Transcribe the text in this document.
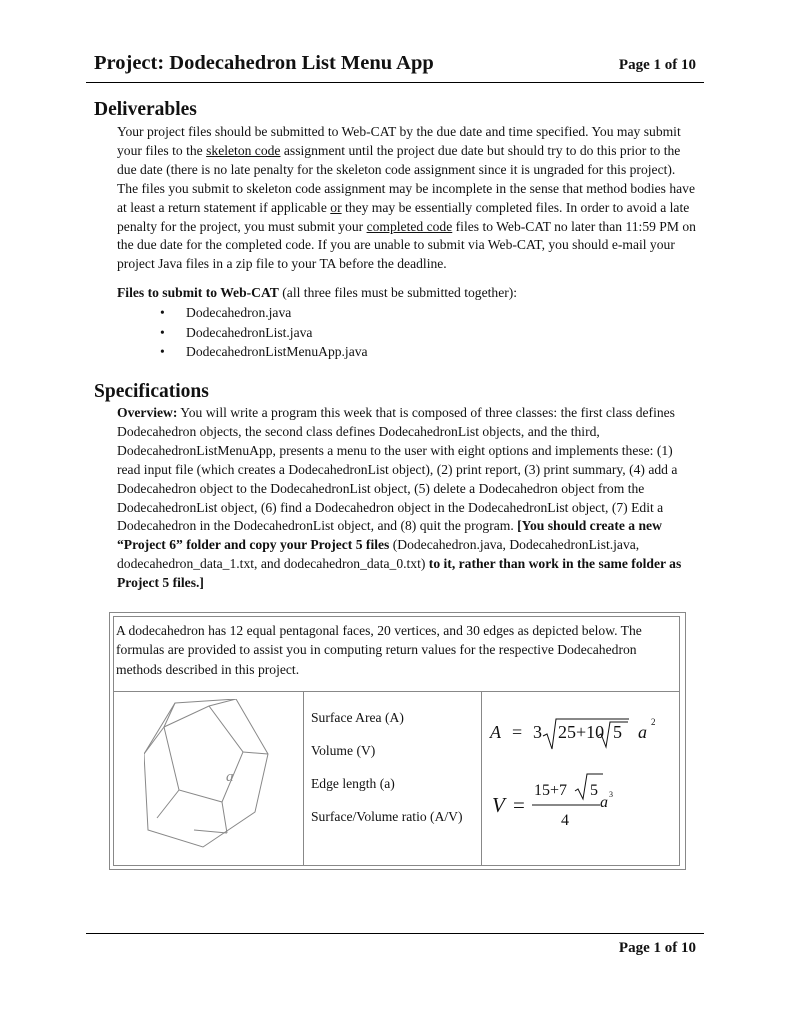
Project: Dodecahedron List Menu App	Page 1 of 10
Deliverables

Your project files should be submitted to Web-CAT by the due date and time specified. You may submit your files to the skeleton code assignment until the project due date but should try to do this prior to the due date (there is no late penalty for the skeleton code assignment since it is ungraded for this project). The files you submit to skeleton code assignment may be incomplete in the sense that method bodies have at least a return statement if applicable or they may be essentially completed files. In order to avoid a late penalty for the project, you must submit your completed code files to Web-CAT no later than 11:59 PM on the due date for the completed code. If you are unable to submit via Web-CAT, you should e-mail your project Java files in a zip file to your TA before the deadline.

Files to submit to Web-CAT (all three files must be submitted together):
• Dodecahedron.java
• DodecahedronList.java
• DodecahedronListMenuApp.java
Specifications

Overview: You will write a program this week that is composed of three classes: the first class defines Dodecahedron objects, the second class defines DodecahedronList objects, and the third, DodecahedronListMenuApp, presents a menu to the user with eight options and implements these: (1) read input file (which creates a DodecahedronList object), (2) print report, (3) print summary, (4) add a Dodecahedron object to the DodecahedronList object, (5) delete a Dodecahedron object from the DodecahedronList object, (6) find a Dodecahedron object in the DodecahedronList object, (7) Edit a Dodecahedron in the DodecahedronList object, and (8) quit the program. [You should create a new “Project 6” folder and copy your Project 5 files (Dodecahedron.java, DodecahedronList.java, dodecahedron_data_1.txt, and dodecahedron_data_0.txt) to it, rather than work in the same folder as Project 5 files.]

A dodecahedron has 12 equal pentagonal faces, 20 vertices, and 30 edges as depicted below. The formulas are provided to assist you in computing return values for the respective Dodecahedron methods described in this project.
a
Surface Area (A)
Volume (V)
Edge length (a)
Surface/Volume ratio (A/V)
A = 3 25+10 5 a 2
V =
15+7 5
4
a 3
Page 1 of 10
